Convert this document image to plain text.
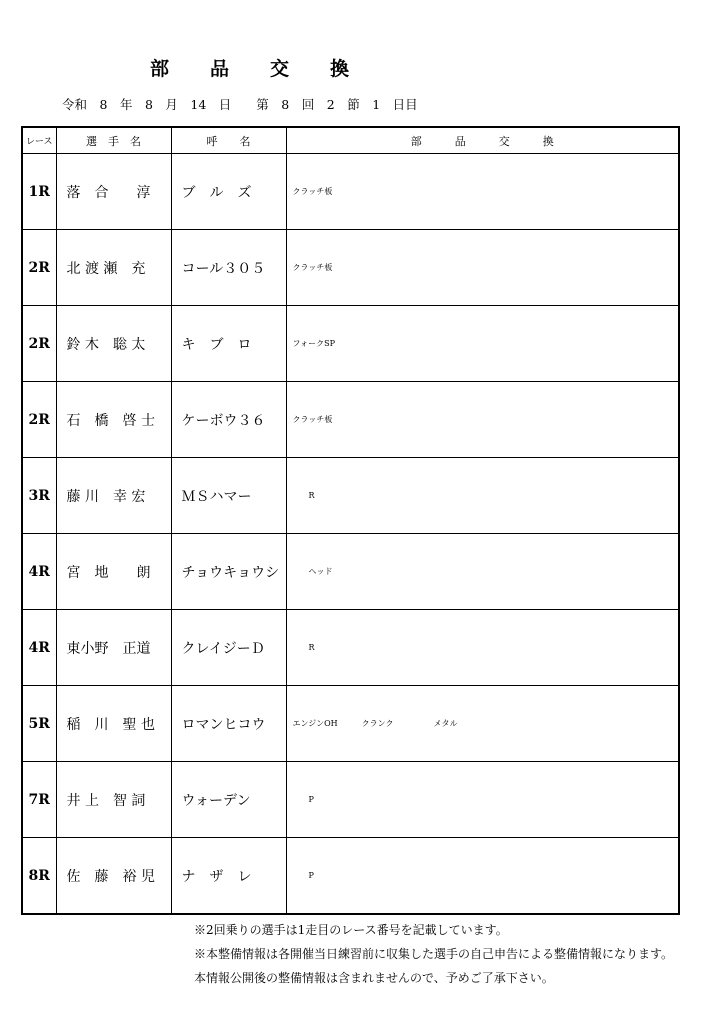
部　　品　　交　　換
令和　8　年　8　月　14　日　　第　8　回　2　節　1　日目
レース	選　手　名	呼　　名	部　　　品　　　交　　　換
1R	落　合　　淳	ブ　ル　ズ	クラッチ板
2R	北 渡 瀬　充	コール３０５	クラッチ板
2R	鈴 木　聡 太	キ　ブ　ロ	フォークSP
2R	石　橋　啓 士	ケーボウ３６	クラッチ板
3R	藤 川　幸 宏	ＭＳハマー	　　R
4R	宮　地　　朗	チョウキョウシ	　　ヘッド
4R	東小野　正道	クレイジーＤ	　　R
5R	稲　川　聖 也	ロマンヒコウ	エンジンOH　　　クランク　　　　　メタル
7R	井 上　智 詞	ウォーデン	　　P
8R	佐　藤　裕 児	ナ　ザ　レ	　　P
※2回乗りの選手は1走目のレース番号を記載しています。
※本整備情報は各開催当日練習前に収集した選手の自己申告による整備情報になります。
本情報公開後の整備情報は含まれませんので、予めご了承下さい。
